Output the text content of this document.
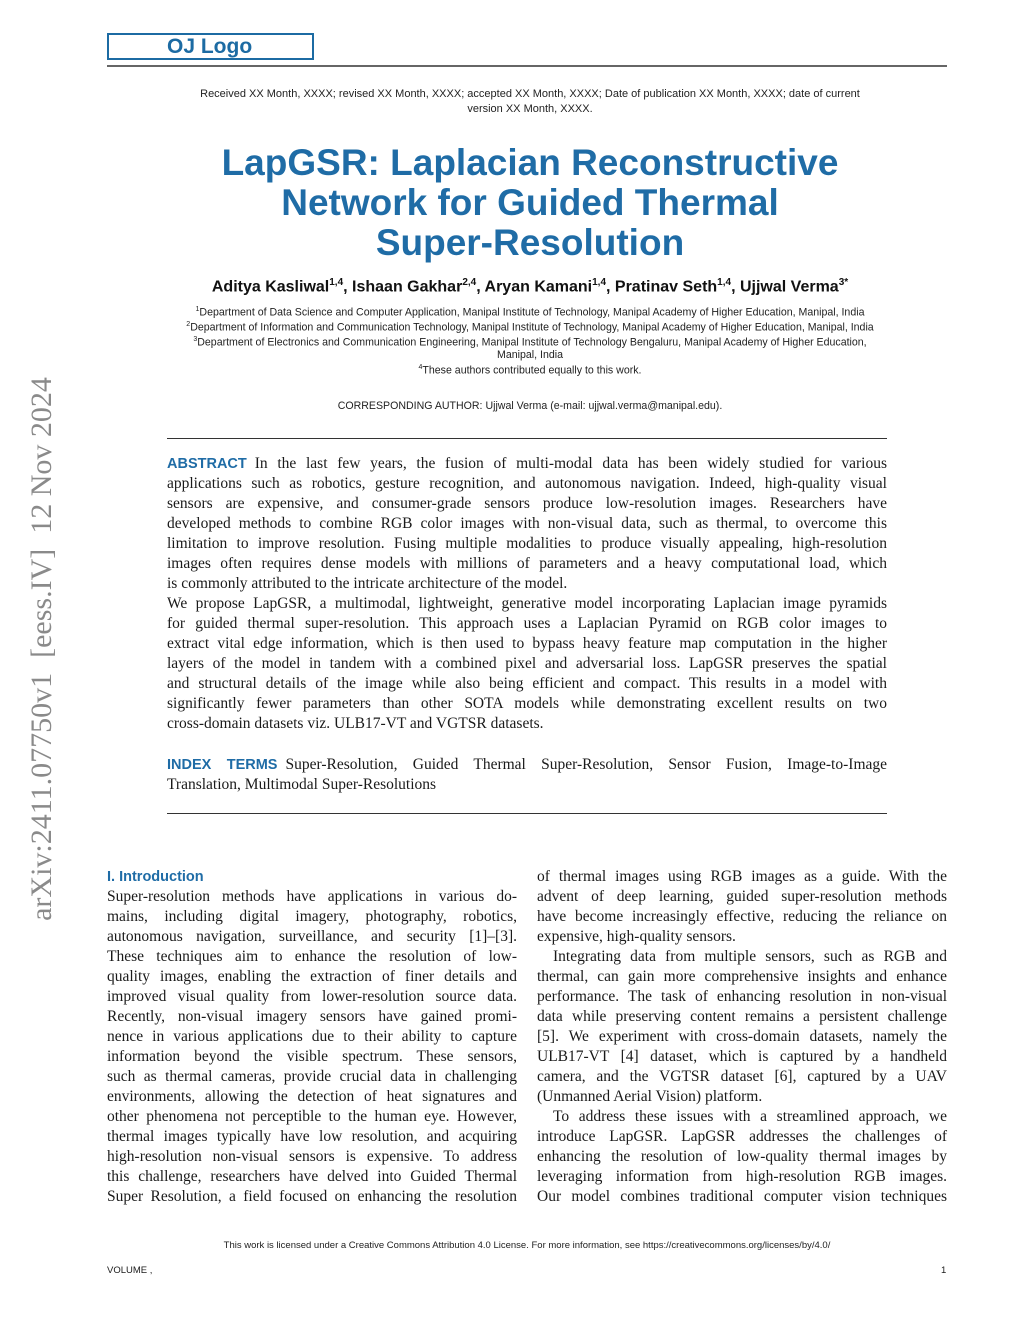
OJ Logo
Received XX Month, XXXX; revised XX Month, XXXX; accepted XX Month, XXXX; Date of publication XX Month, XXXX; date of current version XX Month, XXXX.
LapGSR: Laplacian Reconstructive
Network for Guided Thermal
Super-Resolution
Aditya Kasliwal$^{1,4}$, Ishaan Gakhar$^{2,4}$, Aryan Kamani$^{1,4}$, Pratinav Seth$^{1,4}$, Ujjwal Verma$^{3*}$
$^1$Department of Data Science and Computer Application, Manipal Institute of Technology, Manipal Academy of Higher Education, Manipal, India
$^2$Department of Information and Communication Technology, Manipal Institute of Technology, Manipal Academy of Higher Education, Manipal, India
$^3$Department of Electronics and Communication Engineering, Manipal Institute of Technology Bengaluru, Manipal Academy of Higher Education, Manipal, India
$^4$These authors contributed equally to this work.
CORRESPONDING AUTHOR: Ujjwal Verma (e-mail: ujjwal.verma@manipal.edu).
ABSTRACT In the last few years, the fusion of multi-modal data has been widely studied for various
applications such as robotics, gesture recognition, and autonomous navigation. Indeed, high-quality visual
sensors are expensive, and consumer-grade sensors produce low-resolution images. Researchers have
developed methods to combine RGB color images with non-visual data, such as thermal, to overcome this
limitation to improve resolution. Fusing multiple modalities to produce visually appealing, high-resolution
images often requires dense models with millions of parameters and a heavy computational load, which
is commonly attributed to the intricate architecture of the model.
We propose LapGSR, a multimodal, lightweight, generative model incorporating Laplacian image pyramids
for guided thermal super-resolution. This approach uses a Laplacian Pyramid on RGB color images to
extract vital edge information, which is then used to bypass heavy feature map computation in the higher
layers of the model in tandem with a combined pixel and adversarial loss. LapGSR preserves the spatial
and structural details of the image while also being efficient and compact. This results in a model with
significantly fewer parameters than other SOTA models while demonstrating excellent results on two
cross-domain datasets viz. ULB17-VT and VGTSR datasets.
INDEX TERMS Super-Resolution, Guided Thermal Super-Resolution, Sensor Fusion, Image-to-Image
Translation, Multimodal Super-Resolutions
I. Introduction
Super-resolution methods have applications in various do-
mains, including digital imagery, photography, robotics,
autonomous navigation, surveillance, and security [1]–[3].
These techniques aim to enhance the resolution of low-
quality images, enabling the extraction of finer details and
improved visual quality from lower-resolution source data.
Recently, non-visual imagery sensors have gained promi-
nence in various applications due to their ability to capture
information beyond the visible spectrum. These sensors,
such as thermal cameras, provide crucial data in challenging
environments, allowing the detection of heat signatures and
other phenomena not perceptible to the human eye. However,
thermal images typically have low resolution, and acquiring
high-resolution non-visual sensors is expensive. To address
this challenge, researchers have delved into Guided Thermal
Super Resolution, a field focused on enhancing the resolution
of thermal images using RGB images as a guide. With the
advent of deep learning, guided super-resolution methods
have become increasingly effective, reducing the reliance on
expensive, high-quality sensors.
Integrating data from multiple sensors, such as RGB and
thermal, can gain more comprehensive insights and enhance
performance. The task of enhancing resolution in non-visual
data while preserving content remains a persistent challenge
[5]. We experiment with cross-domain datasets, namely the
ULB17-VT [4] dataset, which is captured by a handheld
camera, and the VGTSR dataset [6], captured by a UAV
(Unmanned Aerial Vision) platform.
To address these issues with a streamlined approach, we
introduce LapGSR. LapGSR addresses the challenges of
enhancing the resolution of low-quality thermal images by
leveraging information from high-resolution RGB images.
Our model combines traditional computer vision techniques
arXiv:2411.07750v1  [eess.IV]  12 Nov 2024
This work is licensed under a Creative Commons Attribution 4.0 License. For more information, see https://creativecommons.org/licenses/by/4.0/
VOLUME ,	1
